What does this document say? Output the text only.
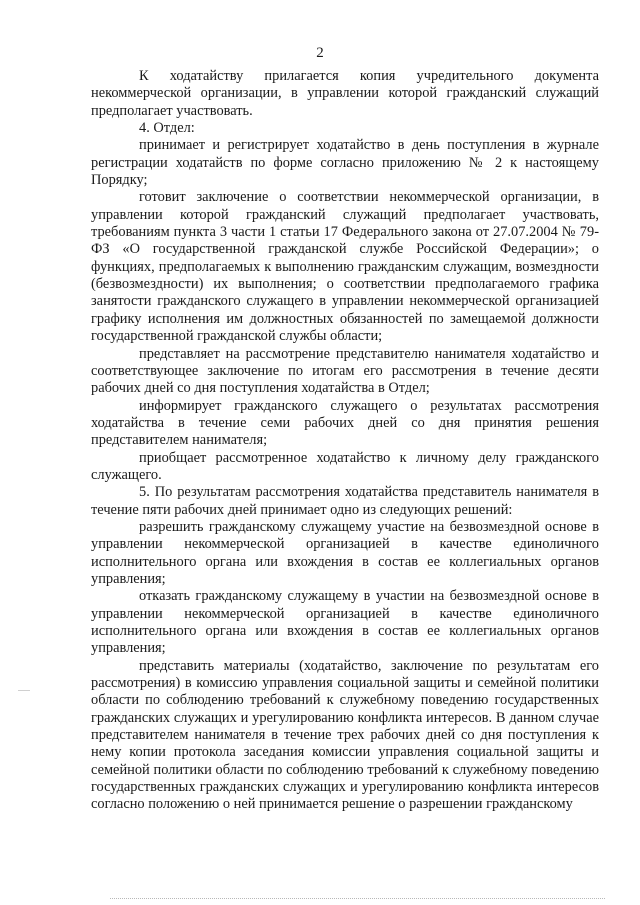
2

К ходатайству прилагается копия учредительного документа некоммерческой организации, в управлении которой гражданский служащий предполагает участвовать.

4. Отдел:

принимает и регистрирует ходатайство в день поступления в журнале регистрации ходатайств по форме согласно приложению № 2 к настоящему Порядку;

готовит заключение о соответствии некоммерческой организации, в управлении которой гражданский служащий предполагает участвовать, требованиям пункта 3 части 1 статьи 17 Федерального закона от 27.07.2004 № 79-ФЗ «О государственной гражданской службе Российской Федерации»; о функциях, предполагаемых к выполнению гражданским служащим, возмездности (безвозмездности) их выполнения; о соответствии предполагаемого графика занятости гражданского служащего в управлении некоммерческой организацией графику исполнения им должностных обязанностей по замещаемой должности государственной гражданской службы области;

представляет на рассмотрение представителю нанимателя ходатайство и соответствующее заключение по итогам его рассмотрения в течение десяти рабочих дней со дня поступления ходатайства в Отдел;

информирует гражданского служащего о результатах рассмотрения ходатайства в течение семи рабочих дней со дня принятия решения представителем нанимателя;

приобщает рассмотренное ходатайство к личному делу гражданского служащего.

5. По результатам рассмотрения ходатайства представитель нанимателя в течение пяти рабочих дней принимает одно из следующих решений:

разрешить гражданскому служащему участие на безвозмездной основе в управлении некоммерческой организацией в качестве единоличного исполнительного органа или вхождения в состав ее коллегиальных органов управления;

отказать гражданскому служащему в участии на безвозмездной основе в управлении некоммерческой организацией в качестве единоличного исполнительного органа или вхождения в состав ее коллегиальных органов управления;

представить материалы (ходатайство, заключение по результатам его рассмотрения) в комиссию управления социальной защиты и семейной политики области по соблюдению требований к служебному поведению государственных гражданских служащих и урегулированию конфликта интересов. В данном случае представителем нанимателя в течение трех рабочих дней со дня поступления к нему копии протокола заседания комиссии управления социальной защиты и семейной политики области по соблюдению требований к служебному поведению государственных гражданских служащих и урегулированию конфликта интересов согласно положению о ней принимается решение о разрешении гражданскому
